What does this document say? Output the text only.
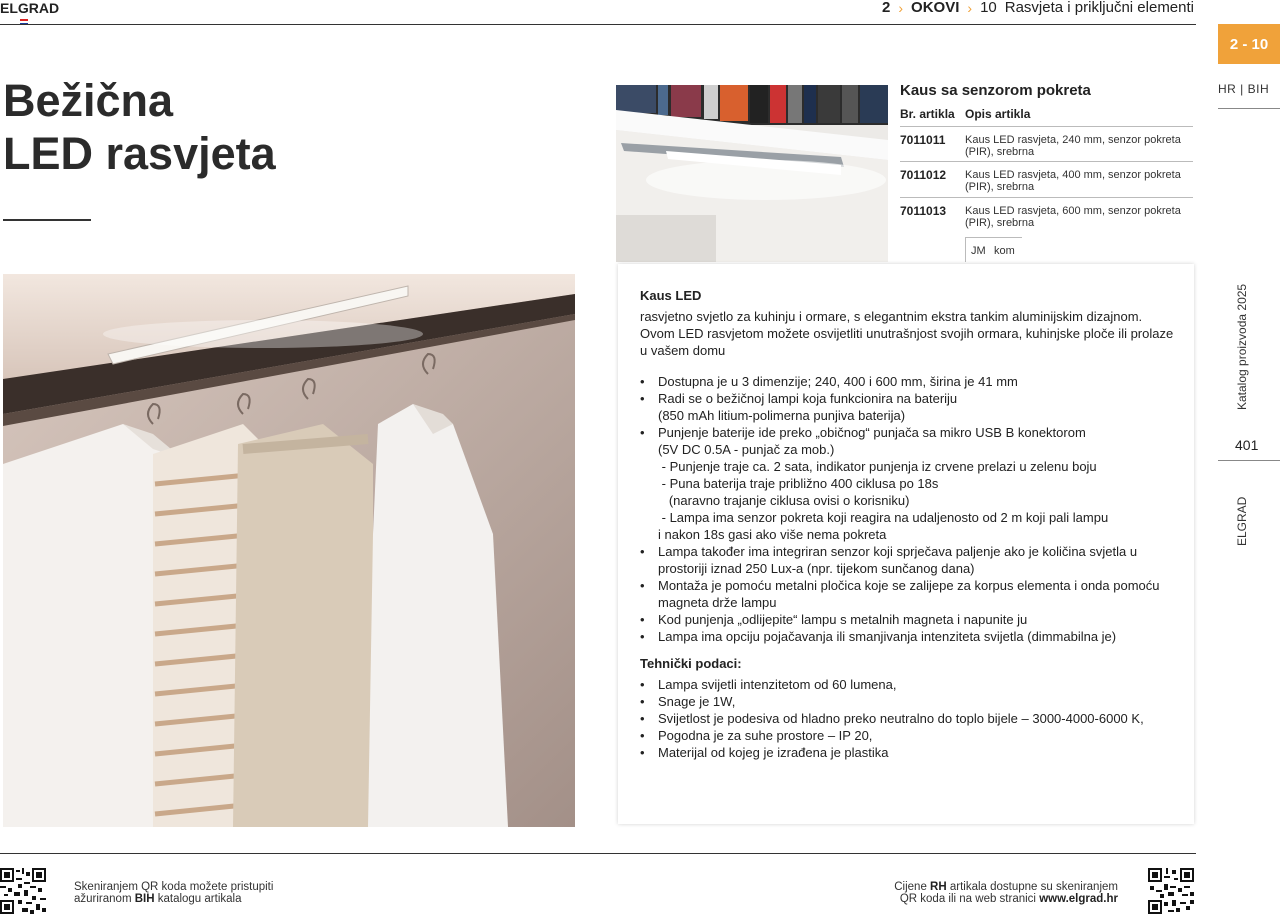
ELGRAD	2 › OKOVI › 10 Rasvjeta i priključni elementi
2 - 10
HR | BIH
Katalog proizvoda 2025
401
ELGRAD
Bežična
LED rasvjeta
Kaus sa senzorom pokreta
Br. artikla Opis artikla
7011011 Kaus LED rasvjeta, 240 mm, senzor pokreta (PIR), srebrna
7011012 Kaus LED rasvjeta, 400 mm, senzor pokreta (PIR), srebrna
7011013 Kaus LED rasvjeta, 600 mm, senzor pokreta (PIR), srebrna
JM kom
Kaus LED

rasvjetno svjetlo za kuhinju i ormare, s elegantnim ekstra tankim aluminijskim dizajnom. Ovom LED rasvjetom možete osvijetliti unutrašnjost svojih ormara, kuhinjske ploče ili prolaze u vašem domu

• Dostupna je u 3 dimenzije; 240, 400 i 600 mm, širina je 41 mm
• Radi se o bežičnoj lampi koja funkcionira na bateriju
(850 mAh litium-polimerna punjiva baterija)
• Punjenje baterije ide preko „običnog“ punjača sa mikro USB B konektorom
(5V DC 0.5A - punjač za mob.)
- Punjenje traje ca. 2 sata, indikator punjenja iz crvene prelazi u zelenu boju
- Puna baterija traje približno 400 ciklusa po 18s
(naravno trajanje ciklusa ovisi o korisniku)
- Lampa ima senzor pokreta koji reagira na udaljenosto od 2 m koji pali lampu
i nakon 18s gasi ako više nema pokreta
• Lampa također ima integriran senzor koji sprječava paljenje ako je količina svjetla u prostoriji iznad 250 Lux-a (npr. tijekom sunčanog dana)
• Montaža je pomoću metalni pločica koje se zalijepe za korpus elementa i onda pomoću magneta drže lampu
• Kod punjenja „odlijepite“ lampu s metalnih magneta i napunite ju
• Lampa ima opciju pojačavanja ili smanjivanja intenziteta svijetla (dimmabilna je)
Tehnički podaci:
• Lampa svijetli intenzitetom od 60 lumena,
• Snage je 1W,
• Svijetlost je podesiva od hladno preko neutralno do toplo bijele – 3000-4000-6000 K,
• Pogodna je za suhe prostore – IP 20,
• Materijal od kojeg je izrađena je plastika
Skeniranjem QR koda možete pristupiti
ažuriranom BIH katalogu artikala
Cijene RH artikala dostupne su skeniranjem
QR koda ili na web stranici www.elgrad.hr
